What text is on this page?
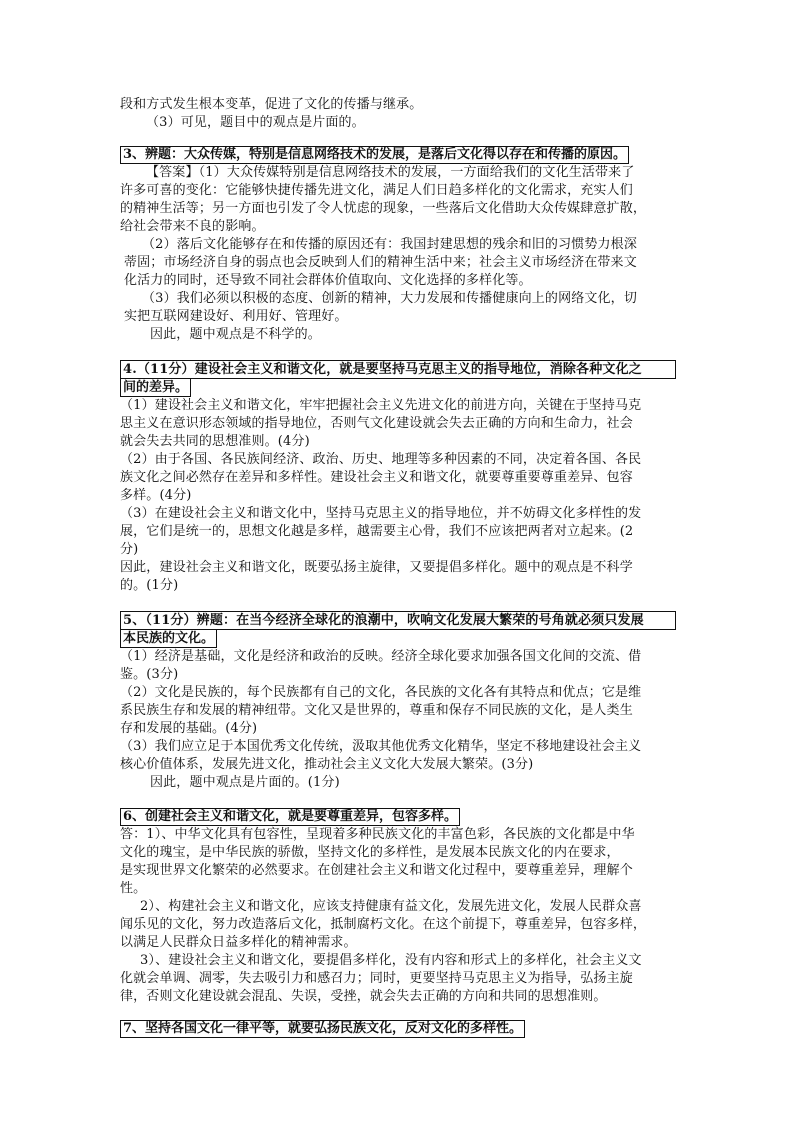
段和方式发生根本变革，促进了文化的传播与继承。
（3）可见，题目中的观点是片面的。
3、辨题：大众传媒，特别是信息网络技术的发展，是落后文化得以存在和传播的原因。
【答案】（1）大众传媒特别是信息网络技术的发展，一方面给我们的文化生活带来了
许多可喜的变化：它能够快捷传播先进文化，满足人们日趋多样化的文化需求，充实人们
的精神生活等；另一方面也引发了令人忧虑的现象，一些落后文化借助大众传媒肆意扩散，
给社会带来不良的影响。
（2）落后文化能够存在和传播的原因还有：我国封建思想的残余和旧的习惯势力根深
蒂固；市场经济自身的弱点也会反映到人们的精神生活中来；社会主义市场经济在带来文
化活力的同时，还导致不同社会群体价值取向、文化选择的多样化等。
（3）我们必须以积极的态度、创新的精神，大力发展和传播健康向上的网络文化，切
实把互联网建设好、利用好、管理好。
因此，题中观点是不科学的。
4.（11分）建设社会主义和谐文化，就是要坚持马克思主义的指导地位，消除各种文化之
间的差异。
（1）建设社会主义和谐文化，牢牢把握社会主义先进文化的前进方向，关键在于坚持马克
思主义在意识形态领域的指导地位，否则气文化建设就会失去正确的方向和生命力，社会
就会失去共同的思想准则。(4分)
（2）由于各国、各民族间经济、政治、历史、地理等多种因素的不同，决定着各国、各民
族文化之间必然存在差异和多样性。建设社会主义和谐文化，就要尊重要尊重差异、包容
多样。(4分)
（3）在建设社会主义和谐文化中，坚持马克思主义的指导地位，并不妨碍文化多样性的发
展，它们是统一的，思想文化越是多样，越需要主心骨，我们不应该把两者对立起来。(2
分)
因此，建设社会主义和谐文化，既要弘扬主旋律，又要提倡多样化。题中的观点是不科学
的。(1分)
5、（11分）辨题：在当今经济全球化的浪潮中，吹响文化发展大繁荣的号角就必须只发展
本民族的文化。
（1）经济是基础，文化是经济和政治的反映。经济全球化要求加强各国文化间的交流、借
鉴。(3分)
（2）文化是民族的，每个民族都有自己的文化，各民族的文化各有其特点和优点；它是维
系民族生存和发展的精神纽带。文化又是世界的，尊重和保存不同民族的文化，是人类生
存和发展的基础。(4分)
（3）我们应立足于本国优秀文化传统，汲取其他优秀文化精华，坚定不移地建设社会主义
核心价值体系，发展先进文化，推动社会主义文化大发展大繁荣。(3分)
因此，题中观点是片面的。(1分)
6、创建社会主义和谐文化，就是要尊重差异，包容多样。
答：1）、中华文化具有包容性，呈现着多种民族文化的丰富色彩，各民族的文化都是中华
文化的瑰宝，是中华民族的骄傲，坚持文化的多样性，是发展本民族文化的内在要求，
是实现世界文化繁荣的必然要求。在创建社会主义和谐文化过程中，要尊重差异，理解个
性。
2）、构建社会主义和谐文化，应该支持健康有益文化，发展先进文化，发展人民群众喜
闻乐见的文化，努力改造落后文化，抵制腐朽文化。在这个前提下，尊重差异，包容多样，
以满足人民群众日益多样化的精神需求。
3）、建设社会主义和谐文化，要提倡多样化，没有内容和形式上的多样化，社会主义文
化就会单调、凋零，失去吸引力和感召力；同时，更要坚持马克思主义为指导，弘扬主旋
律，否则文化建设就会混乱、失误，受挫，就会失去正确的方向和共同的思想准则。
7、坚持各国文化一律平等，就要弘扬民族文化，反对文化的多样性。
